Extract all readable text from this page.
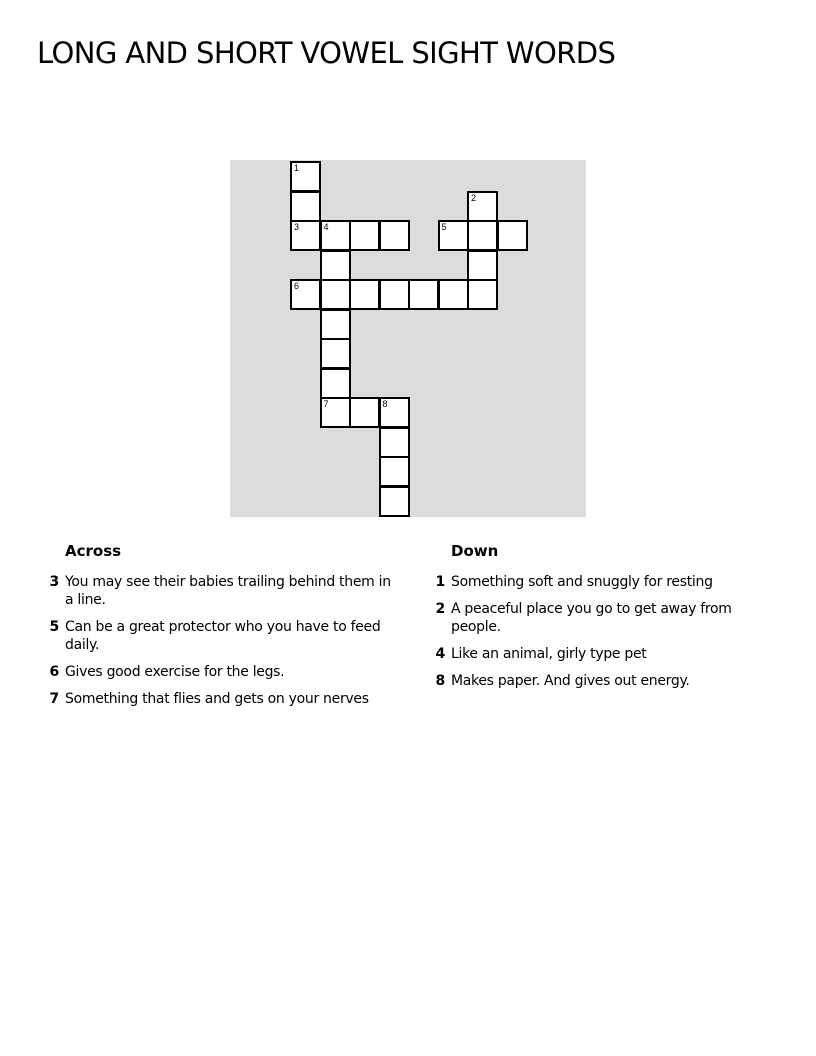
LONG AND SHORT VOWEL SIGHT WORDS
1
2
3	4	5
6
7	8
Across
3 You may see their babies trailing behind them in a line.
5 Can be a great protector who you have to feed daily.
6 Gives good exercise for the legs.
7 Something that flies and gets on your nerves
Down
1 Something soft and snuggly for resting
2 A peaceful place you go to get away from people.
4 Like an animal, girly type pet
8 Makes paper. And gives out energy.
